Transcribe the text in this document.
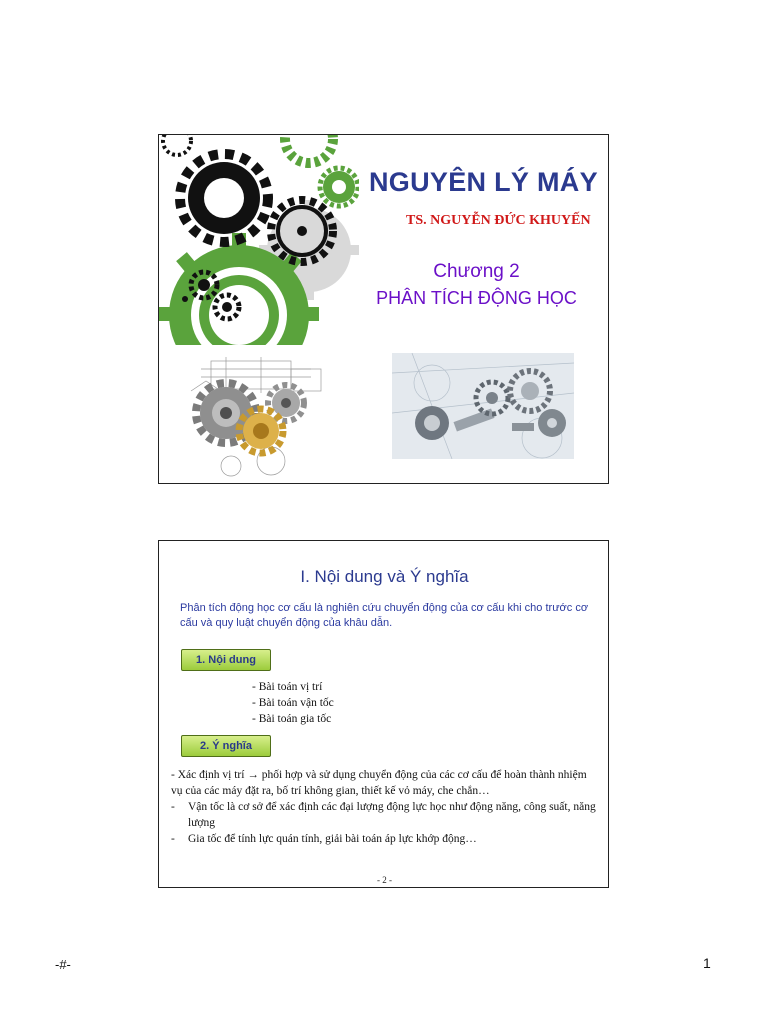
NGUYÊN LÝ MÁY
TS. NGUYỄN ĐỨC KHUYẾN
Chương 2
PHÂN TÍCH ĐỘNG HỌC
I. Nội dung và Ý nghĩa
Phân tích động học cơ cấu là nghiên cứu chuyển động của cơ cấu khi cho trước cơ cấu và quy luật chuyển động của khâu dẫn.
1. Nội dung
- Bài toán vị trí
- Bài toán vận tốc
- Bài toán gia tốc
2. Ý nghĩa

- Xác định vị trí → phối hợp và sử dụng chuyển động của các cơ cấu để hoàn thành nhiệm vụ của các máy đặt ra, bố trí không gian, thiết kế vỏ máy, che chắn…

-	Vận tốc là cơ sở để xác định các đại lượng động lực học như động năng, công suất, năng lượng
-	Gia tốc để tính lực quán tính, giải bài toán áp lực khớp động…
- 2 -
-#-	1
